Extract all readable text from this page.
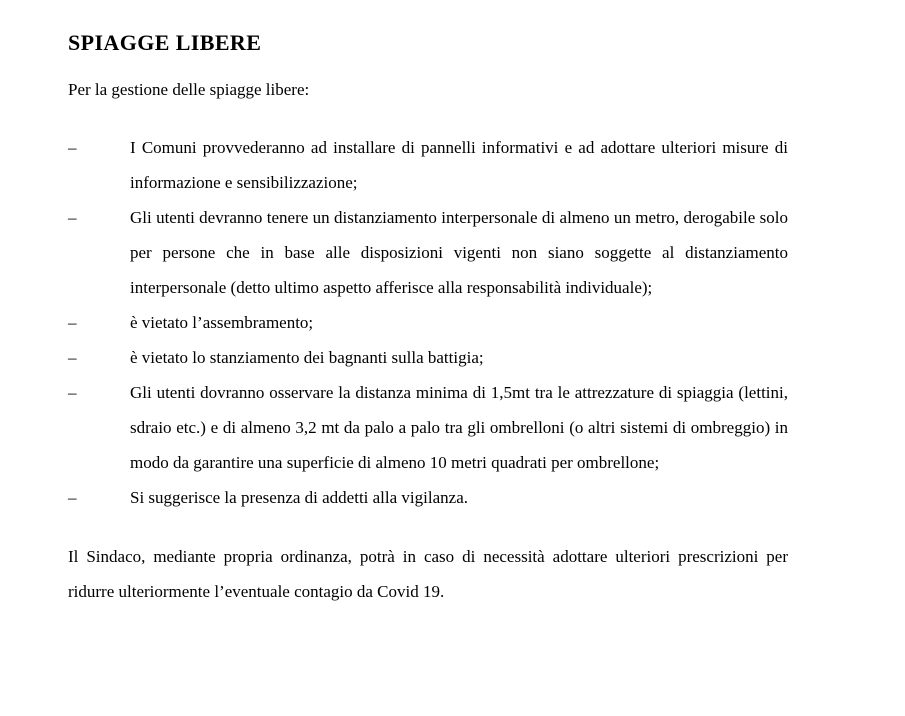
SPIAGGE LIBERE

Per la gestione delle spiagge libere:

–	I Comuni provvederanno ad installare di pannelli informativi e ad adottare ulteriori misure di informazione e sensibilizzazione;
–	Gli utenti devranno tenere un distanziamento interpersonale di almeno un metro, derogabile solo per persone che in base alle disposizioni vigenti non siano soggette al distanziamento interpersonale (detto ultimo aspetto afferisce alla responsabilità individuale);
–	è vietato l’assembramento;
–	è vietato lo stanziamento dei bagnanti sulla battigia;
–	Gli utenti dovranno osservare la distanza minima di 1,5mt tra le attrezzature di spiaggia (lettini, sdraio etc.) e di almeno 3,2 mt da palo a palo tra gli ombrelloni (o altri sistemi di ombreggio) in modo da garantire una superficie di almeno 10 metri quadrati per ombrellone;
–	Si suggerisce la presenza di addetti alla vigilanza.

Il Sindaco, mediante propria ordinanza, potrà in caso di necessità adottare ulteriori prescrizioni per ridurre ulteriormente l’eventuale contagio da Covid 19.
